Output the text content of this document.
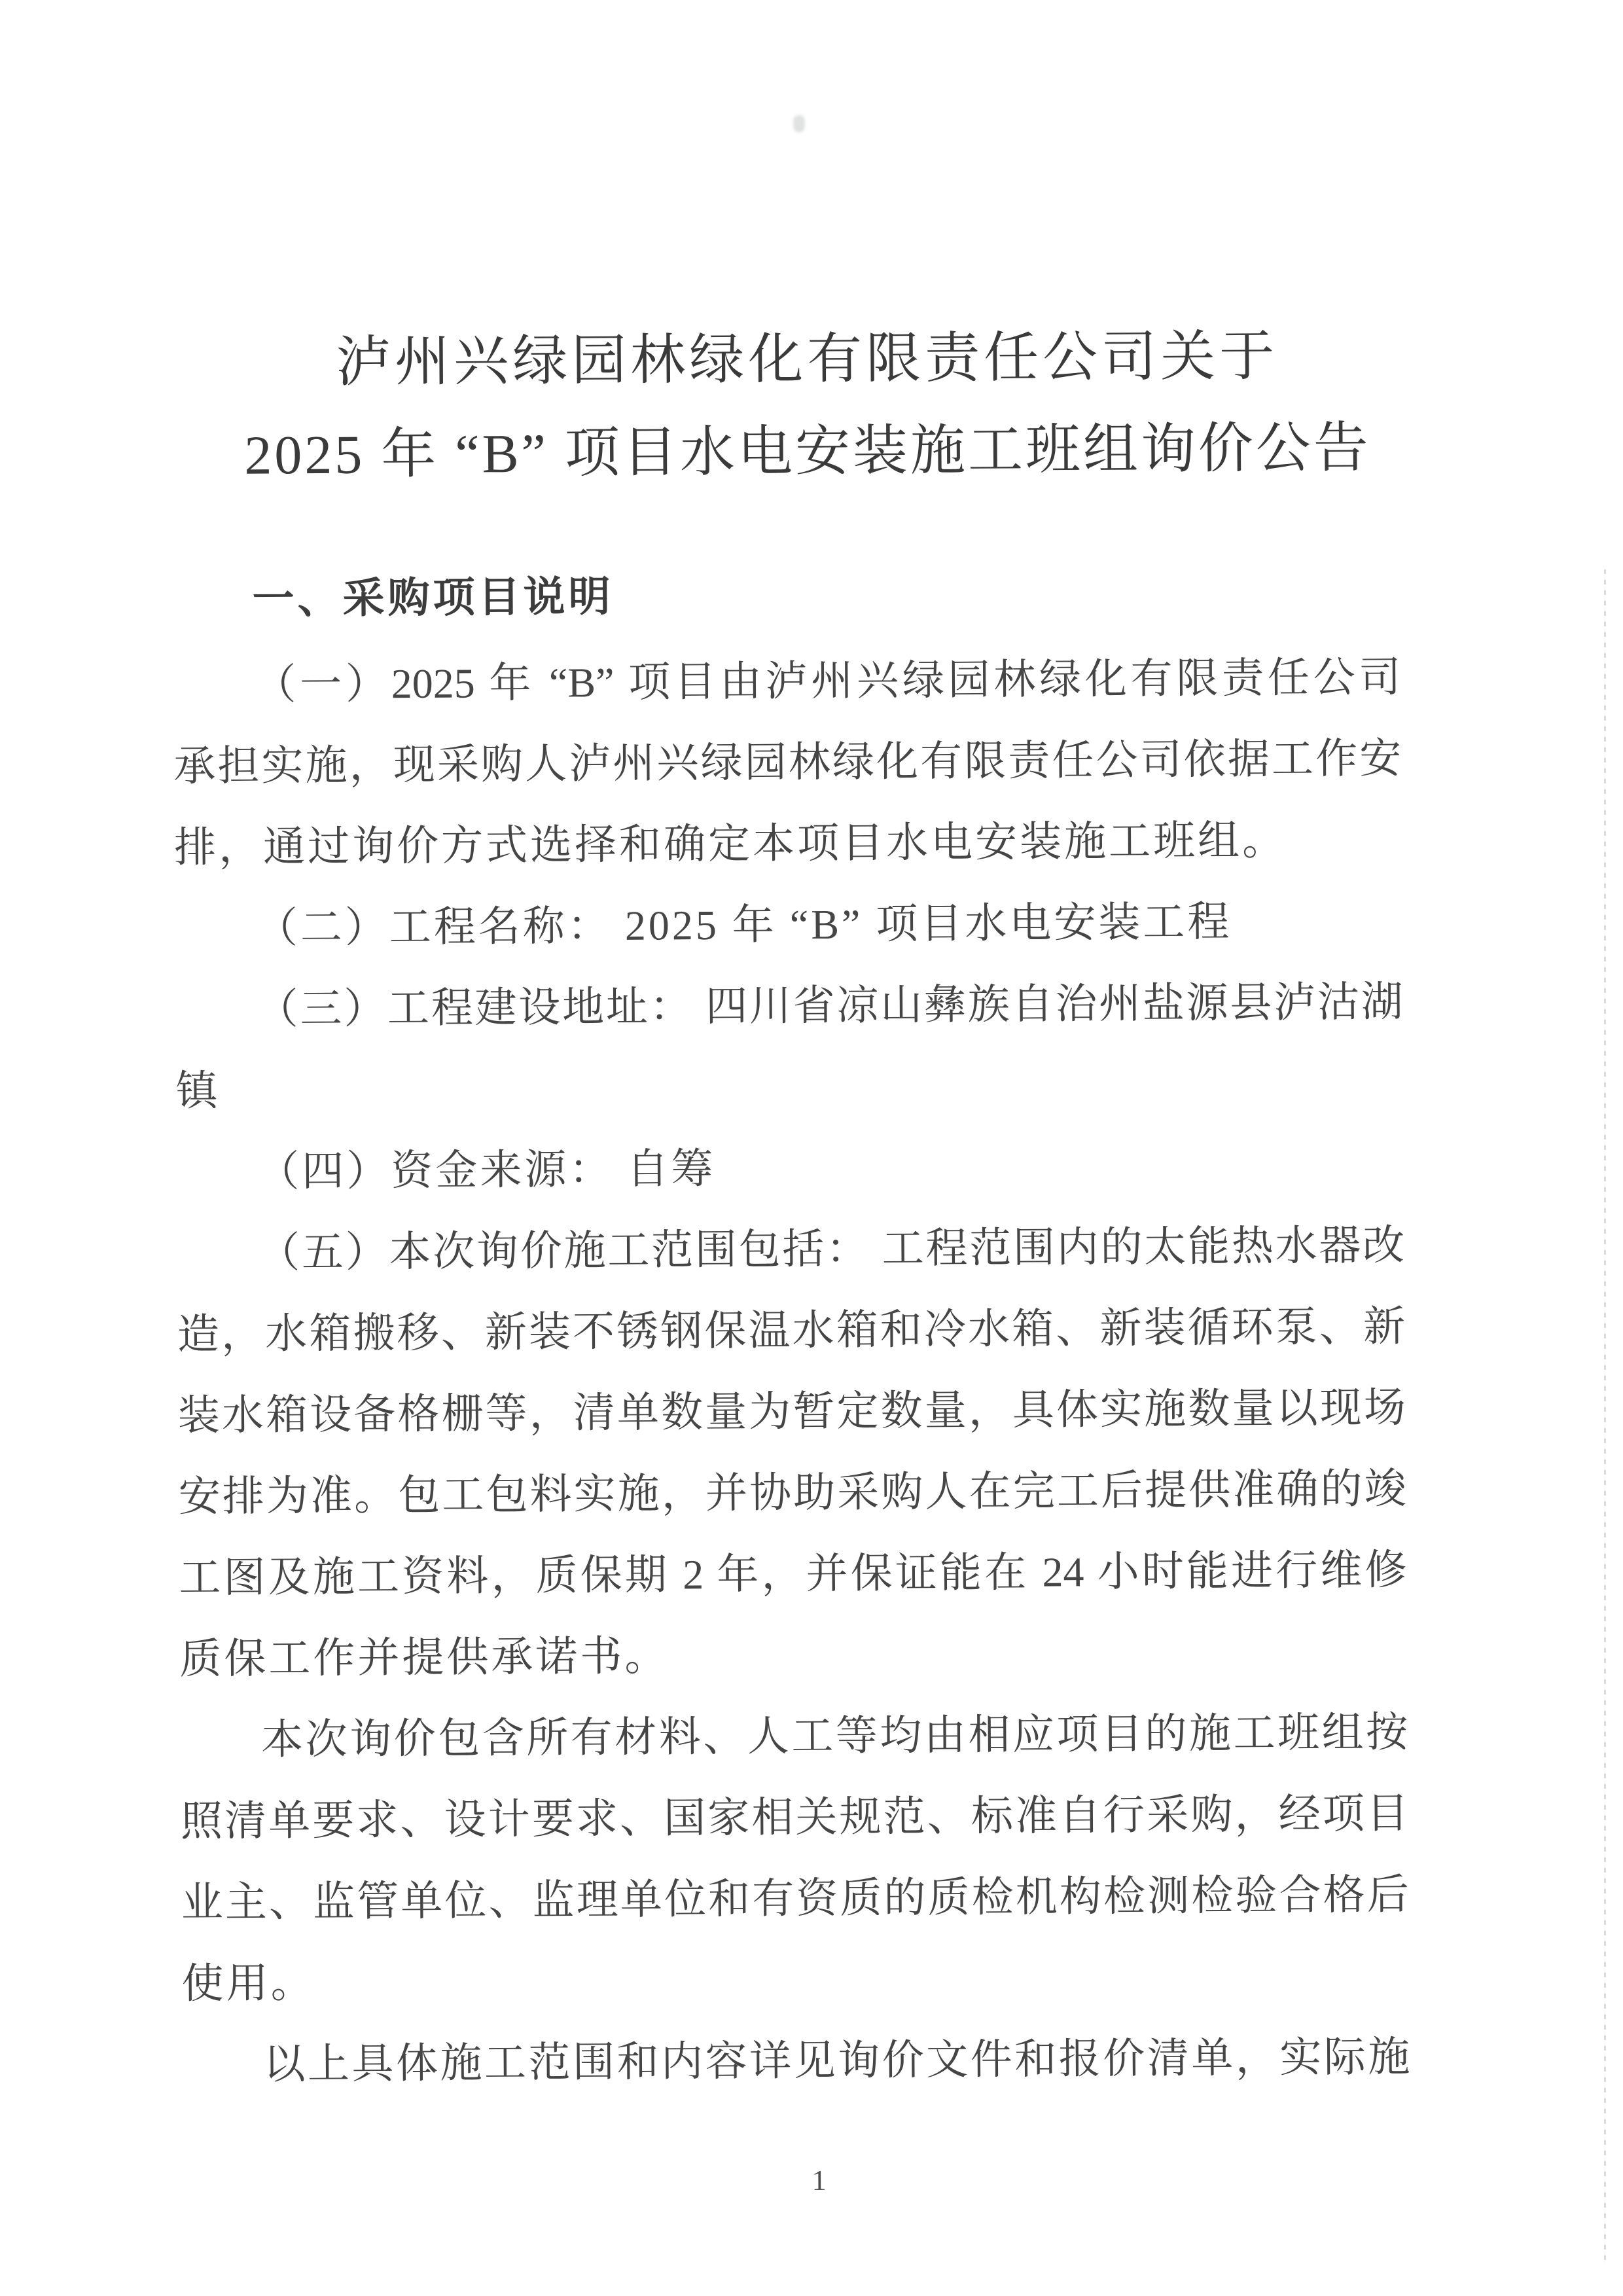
泸州兴绿园林绿化有限责任公司关于
2025 年 “B” 项目水电安装施工班组询价公告
一、采购项目说明
（一）2025 年 “B” 项目由泸州兴绿园林绿化有限责任公司
承担实施，现采购人泸州兴绿园林绿化有限责任公司依据工作安
排，通过询价方式选择和确定本项目水电安装施工班组。
（二）工程名称： 2025 年 “B” 项目水电安装工程
（三）工程建设地址： 四川省凉山彝族自治州盐源县泸沽湖
镇
（四）资金来源： 自筹
（五）本次询价施工范围包括： 工程范围内的太能热水器改
造，水箱搬移、新装不锈钢保温水箱和冷水箱、新装循环泵、新
装水箱设备格栅等，清单数量为暂定数量，具体实施数量以现场
安排为准。包工包料实施，并协助采购人在完工后提供准确的竣
工图及施工资料，质保期 2 年，并保证能在 24 小时能进行维修
质保工作并提供承诺书。
本次询价包含所有材料、人工等均由相应项目的施工班组按
照清单要求、设计要求、国家相关规范、标准自行采购，经项目
业主、监管单位、监理单位和有资质的质检机构检测检验合格后
使用。
以上具体施工范围和内容详见询价文件和报价清单，实际施
1
